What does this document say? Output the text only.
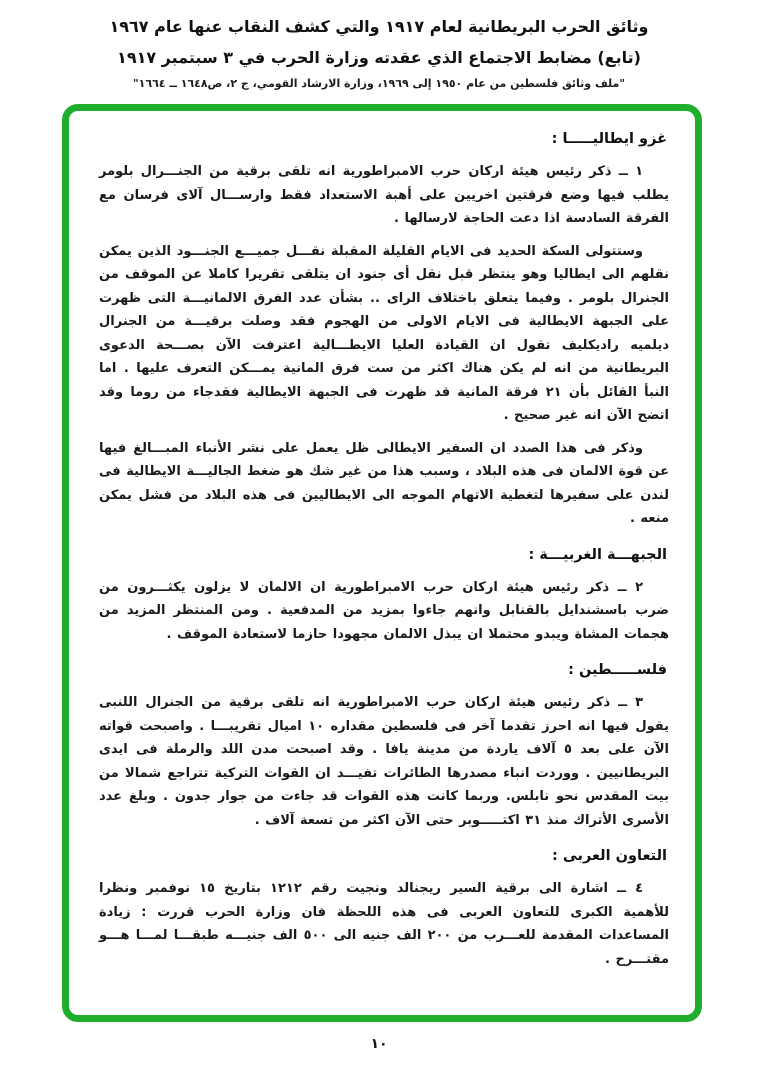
وثائق الحرب البريطانية لعام ١٩١٧ والتي كشف النقاب عنها عام ١٩٦٧
(تابع) مضابط الاجتماع الذي عقدته وزارة الحرب في ٣ سبتمبر ١٩١٧
"ملف وثائق فلسطين من عام ١٩٥٠ إلى ١٩٦٩، وزارة الارشاد القومي، ج ٢، ص١٦٤٨ ــ ١٦٦٤"
غزو ايطاليـــــا :

١ ــ ذكر رئيس هيئة اركان حرب الامبراطورية انه تلقى برقية من الجنـــرال بلومر يطلب فيها وضع فرقتين اخريين على أهبة الاستعداد فقط وارســـال آلاى فرسان مع الفرقة السادسة اذا دعت الحاجة لارسالها .

وستتولى السكة الحديد فى الايام القليلة المقبلة نقـــل جميـــع الجنـــود الذين يمكن نقلهم الى ايطاليا وهو ينتظر قبل نقل أى جنود ان يتلقى تقريرا كاملا عن الموقف من الجنرال بلومر . وفيما يتعلق باختلاف الراى .. بشأن عدد الفرق الالمانيـــة التى ظهرت على الجبهة الايطالية فى الايام الاولى من الهجوم فقد وصلت برقيـــة من الجنرال ديلميه راديكليف تقول ان القيادة العليا الايطـــالية اعترفت الآن بصـــحة الدعوى البريطانية من انه لم يكن هناك اكثر من ست فرق المانية يمـــكن التعرف عليها . اما النبأ القائل بأن ٢١ فرقة المانية قد ظهرت فى الجبهة الايطالية فقدجاء من روما وقد اتضح الآن انه غير صحيح .

وذكر فى هذا الصدد ان السفير الايطالى ظل يعمل على نشر الأنباء المبـــالغ فيها عن قوة الالمان فى هذه البلاد ، وسبب هذا من غير شك هو ضغط الجاليـــة الايطالية فى لندن على سفيرها لتغطية الاتهام الموجه الى الايطاليين فى هذه البلاد من فشل يمكن منعه .

الجبهـــة الغربيـــة :

٢ ــ ذكر رئيس هيئة اركان حرب الامبراطورية ان الالمان لا يزلون يكثـــرون من ضرب باسشندايل بالقنابل وانهم جاءوا بمزيد من المدفعية . ومن المنتظر المزيد من هجمات المشاة ويبدو محتملا ان يبذل الالمان مجهودا حازما لاستعادة الموقف .

فلســـــطين :

٣ ــ ذكر رئيس هيئة اركان حرب الامبراطورية انه تلقى برقية من الجنرال اللنبى يقول فيها انه احرز تقدما آخر فى فلسطين مقداره ١٠ اميال تقريبـــا . واصبحت قواته الآن على بعد ٥ آلاف ياردة من مدينة يافا . وقد اصبحت مدن اللد والرملة فى ايدى البريطانيين . ووردت انباء مصدرها الطائرات تفيـــد ان القوات التركية تتراجع شمالا من بيت المقدس نحو نابلس. وربما كانت هذه القوات قد جاءت من جوار جدون . وبلغ عدد الأسرى الأتراك منذ ٣١ اكتـــــوبر حتى الآن اكثر من تسعة آلاف .

التعاون العربى :

٤ ــ اشارة الى برقية السير ريجنالد ونجيت رقم ١٢١٢ بتاريخ ١٥ نوفمبر ونظرا للأهمية الكبرى للتعاون العربى فى هذه اللحظة فان وزارة الحرب قررت : زيادة المساعدات المقدمة للعـــرب من ٢٠٠ الف جنيه الى ٥٠٠ الف جنيـــه طبقـــا لمـــا هـــو مقتـــرح .

١٠
